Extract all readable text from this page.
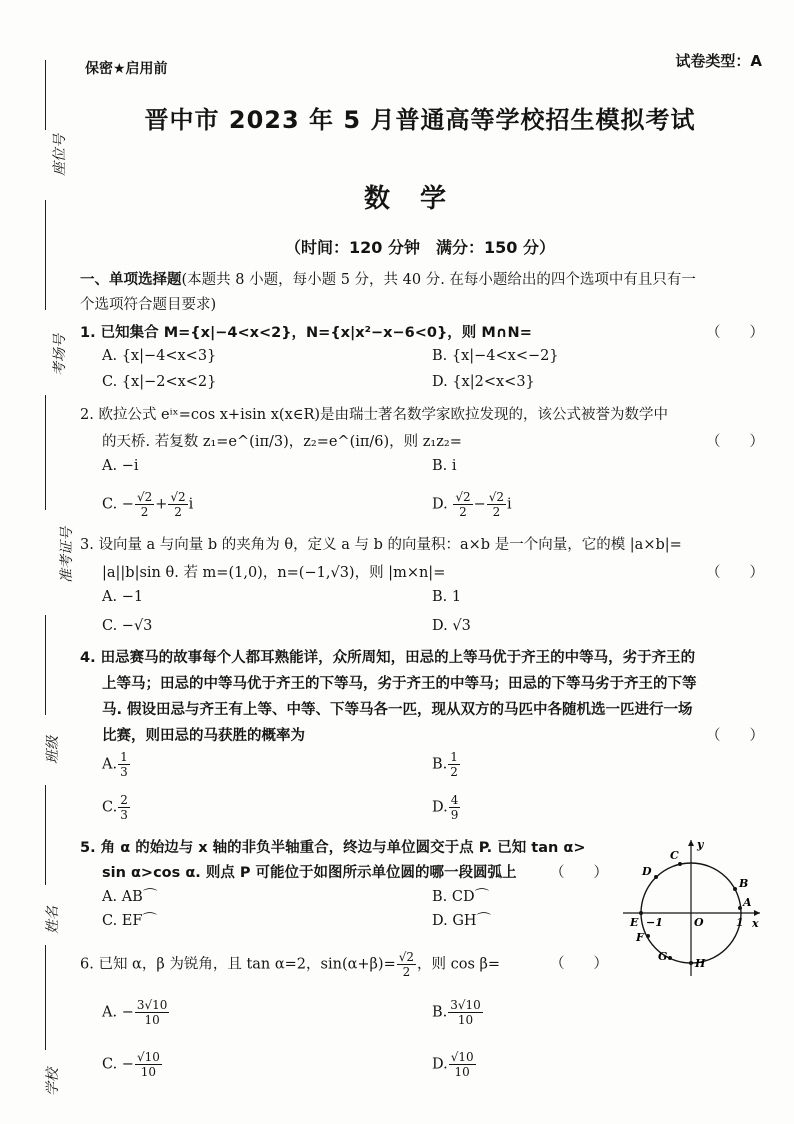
座位号
考场号
准考证号
班级
姓名
学校
保密★启用前	试卷类型：A
晋中市 2023 年 5 月普通高等学校招生模拟考试
数学
（时间：120 分钟　满分：150 分）
一、单项选择题(本题共 8 小题，每小题 5 分，共 40 分. 在每小题给出的四个选项中有且只有一
个选项符合题目要求)
1. 已知集合 M={x|−4<x<2}，N={x|x²−x−6<0}，则 M∩N=	（　　）
A. {x|−4<x<3}	B. {x|−4<x<−2}
C. {x|−2<x<2}	D. {x|2<x<3}
2. 欧拉公式 eⁱˣ=cos x+isin x(x∈R)是由瑞士著名数学家欧拉发现的，该公式被誉为数学中
的天桥. 若复数 z₁=e^(iπ/3)，z₂=e^(iπ/6)，则 z₁z₂=	（　　）
A. −i	B. i
C. − $\frac{√2}{2} + \frac{√2}{2}$ i	D. $\frac{√2}{2} - \frac{√2}{2}$ i
3. 设向量 a 与向量 b 的夹角为 θ，定义 a 与 b 的向量积：a×b 是一个向量，它的模 |a×b|=
|a||b|sin θ. 若 m=(1,0)，n=(−1,√3)，则 |m×n|=	（　　）
A. −1	B. 1
C. −√3	D. √3
4. 田忌赛马的故事每个人都耳熟能详，众所周知，田忌的上等马优于齐王的中等马，劣于齐王的
上等马；田忌的中等马优于齐王的下等马，劣于齐王的中等马；田忌的下等马劣于齐王的下等
马. 假设田忌与齐王有上等、中等、下等马各一匹，现从双方的马匹中各随机选一匹进行一场
比赛，则田忌的马获胜的概率为	（　　）
A. $\frac{1}{3}$	B. $\frac{1}{2}$
C. $\frac{2}{3}$	D. $\frac{4}{9}$
5. 角 α 的始边与 x 轴的非负半轴重合，终边与单位圆交于点 P. 已知 tan α>
sin α>cos α. 则点 P 可能位于如图所示单位圆的哪一段圆弧上 （　　）
A. AB⌒	B. CD⌒
C. EF⌒	D. GH⌒
y
x
O
−1	1
A
B
C
D
E
F
G
H
6. 已知 α，β 为锐角，且 tan α=2，$\sin(\alpha+\beta)= \frac{√2}{2}$ ，则 cos β=	（　　）
A. − $\frac{3√10}{10}$	B. $\frac{3√10}{10}$
C. − $\frac{√10}{10}$	D. $\frac{√10}{10}$
